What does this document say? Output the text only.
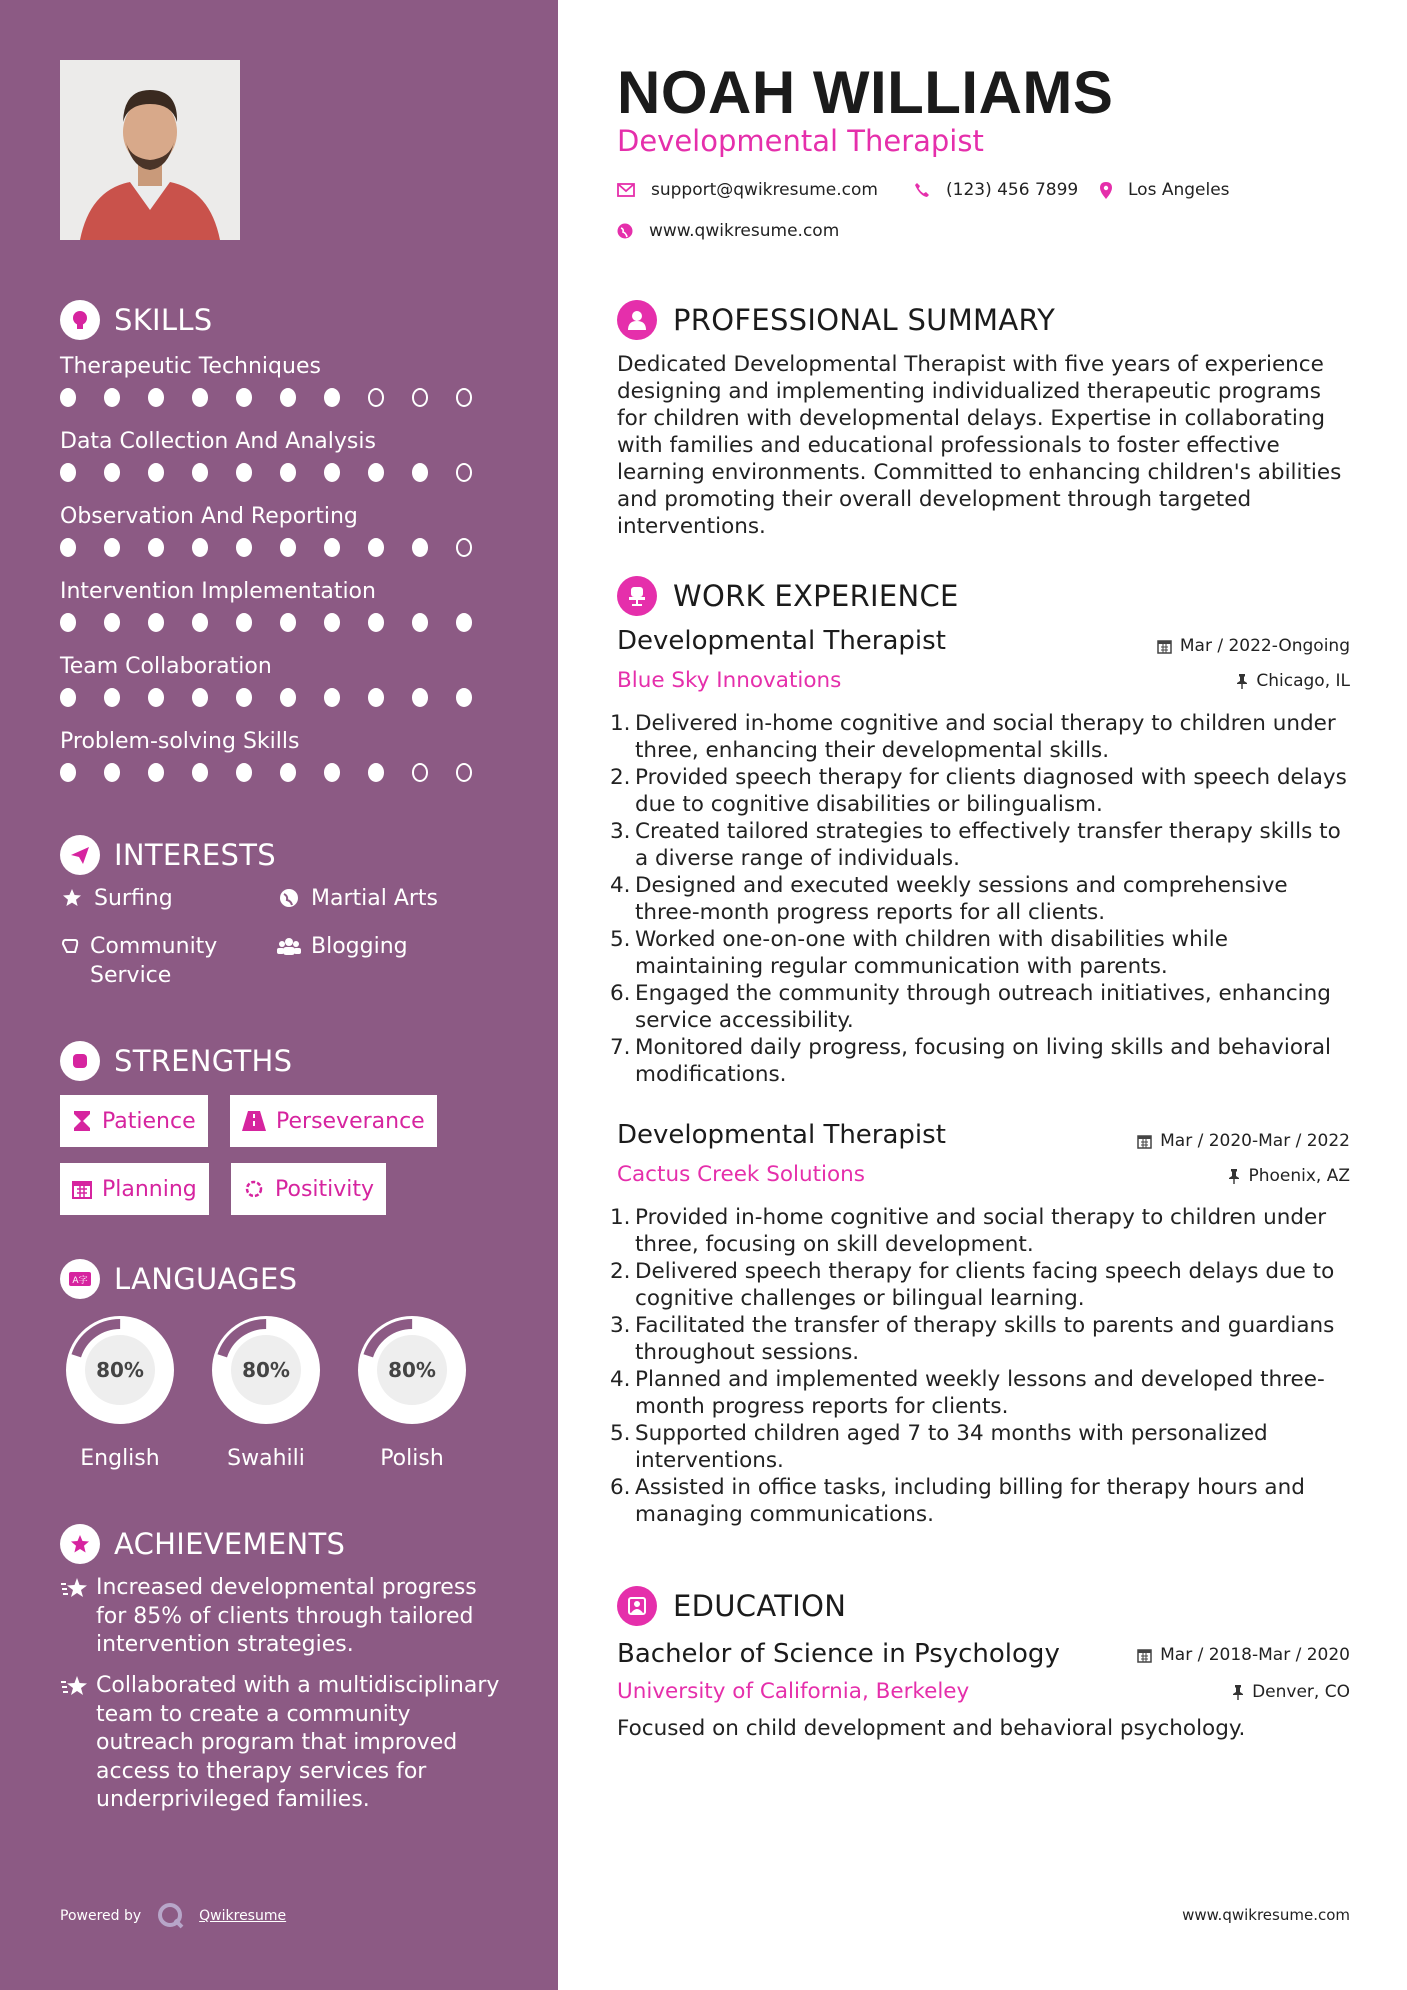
SKILLS
Therapeutic Techniques
Data Collection And Analysis
Observation And Reporting
Intervention Implementation
Team Collaboration
Problem-solving Skills
INTERESTS
Surfing	Martial Arts
Community Service
Blogging
STRENGTHS
Patience	Perseverance
Planning	Positivity
A字 LANGUAGES
80%
English
80%
Swahili
80%
Polish
ACHIEVEMENTS
Increased developmental progress for 85% of clients through tailored intervention strategies.
Collaborated with a multidisciplinary team to create a community outreach program that improved access to therapy services for underprivileged families.
Powered by	Qwikresume
NOAH WILLIAMS
Developmental Therapist
support@qwikresume.com	(123) 456 7899	Los Angeles
www.qwikresume.com
PROFESSIONAL SUMMARY
Dedicated Developmental Therapist with five years of experience designing and implementing individualized therapeutic programs for children with developmental delays. Expertise in collaborating with families and educational professionals to foster effective learning environments. Committed to enhancing children's abilities and promoting their overall development through targeted interventions.
WORK EXPERIENCE
Developmental Therapist	Mar / 2022-Ongoing
Blue Sky Innovations	Chicago, IL
1. Delivered in-home cognitive and social therapy to children under three, enhancing their developmental skills.
2. Provided speech therapy for clients diagnosed with speech delays due to cognitive disabilities or bilingualism.
3. Created tailored strategies to effectively transfer therapy skills to a diverse range of individuals.
4. Designed and executed weekly sessions and comprehensive three-month progress reports for all clients.
5. Worked one-on-one with children with disabilities while maintaining regular communication with parents.
6. Engaged the community through outreach initiatives, enhancing service accessibility.
7. Monitored daily progress, focusing on living skills and behavioral modifications.
Developmental Therapist	Mar / 2020-Mar / 2022
Cactus Creek Solutions	Phoenix, AZ
1. Provided in-home cognitive and social therapy to children under three, focusing on skill development.
2. Delivered speech therapy for clients facing speech delays due to cognitive challenges or bilingual learning.
3. Facilitated the transfer of therapy skills to parents and guardians throughout sessions.
4. Planned and implemented weekly lessons and developed three-month progress reports for clients.
5. Supported children aged 7 to 34 months with personalized interventions.
6. Assisted in office tasks, including billing for therapy hours and managing communications.
EDUCATION
Bachelor of Science in Psychology	Mar / 2018-Mar / 2020
University of California, Berkeley	Denver, CO
Focused on child development and behavioral psychology.
www.qwikresume.com
